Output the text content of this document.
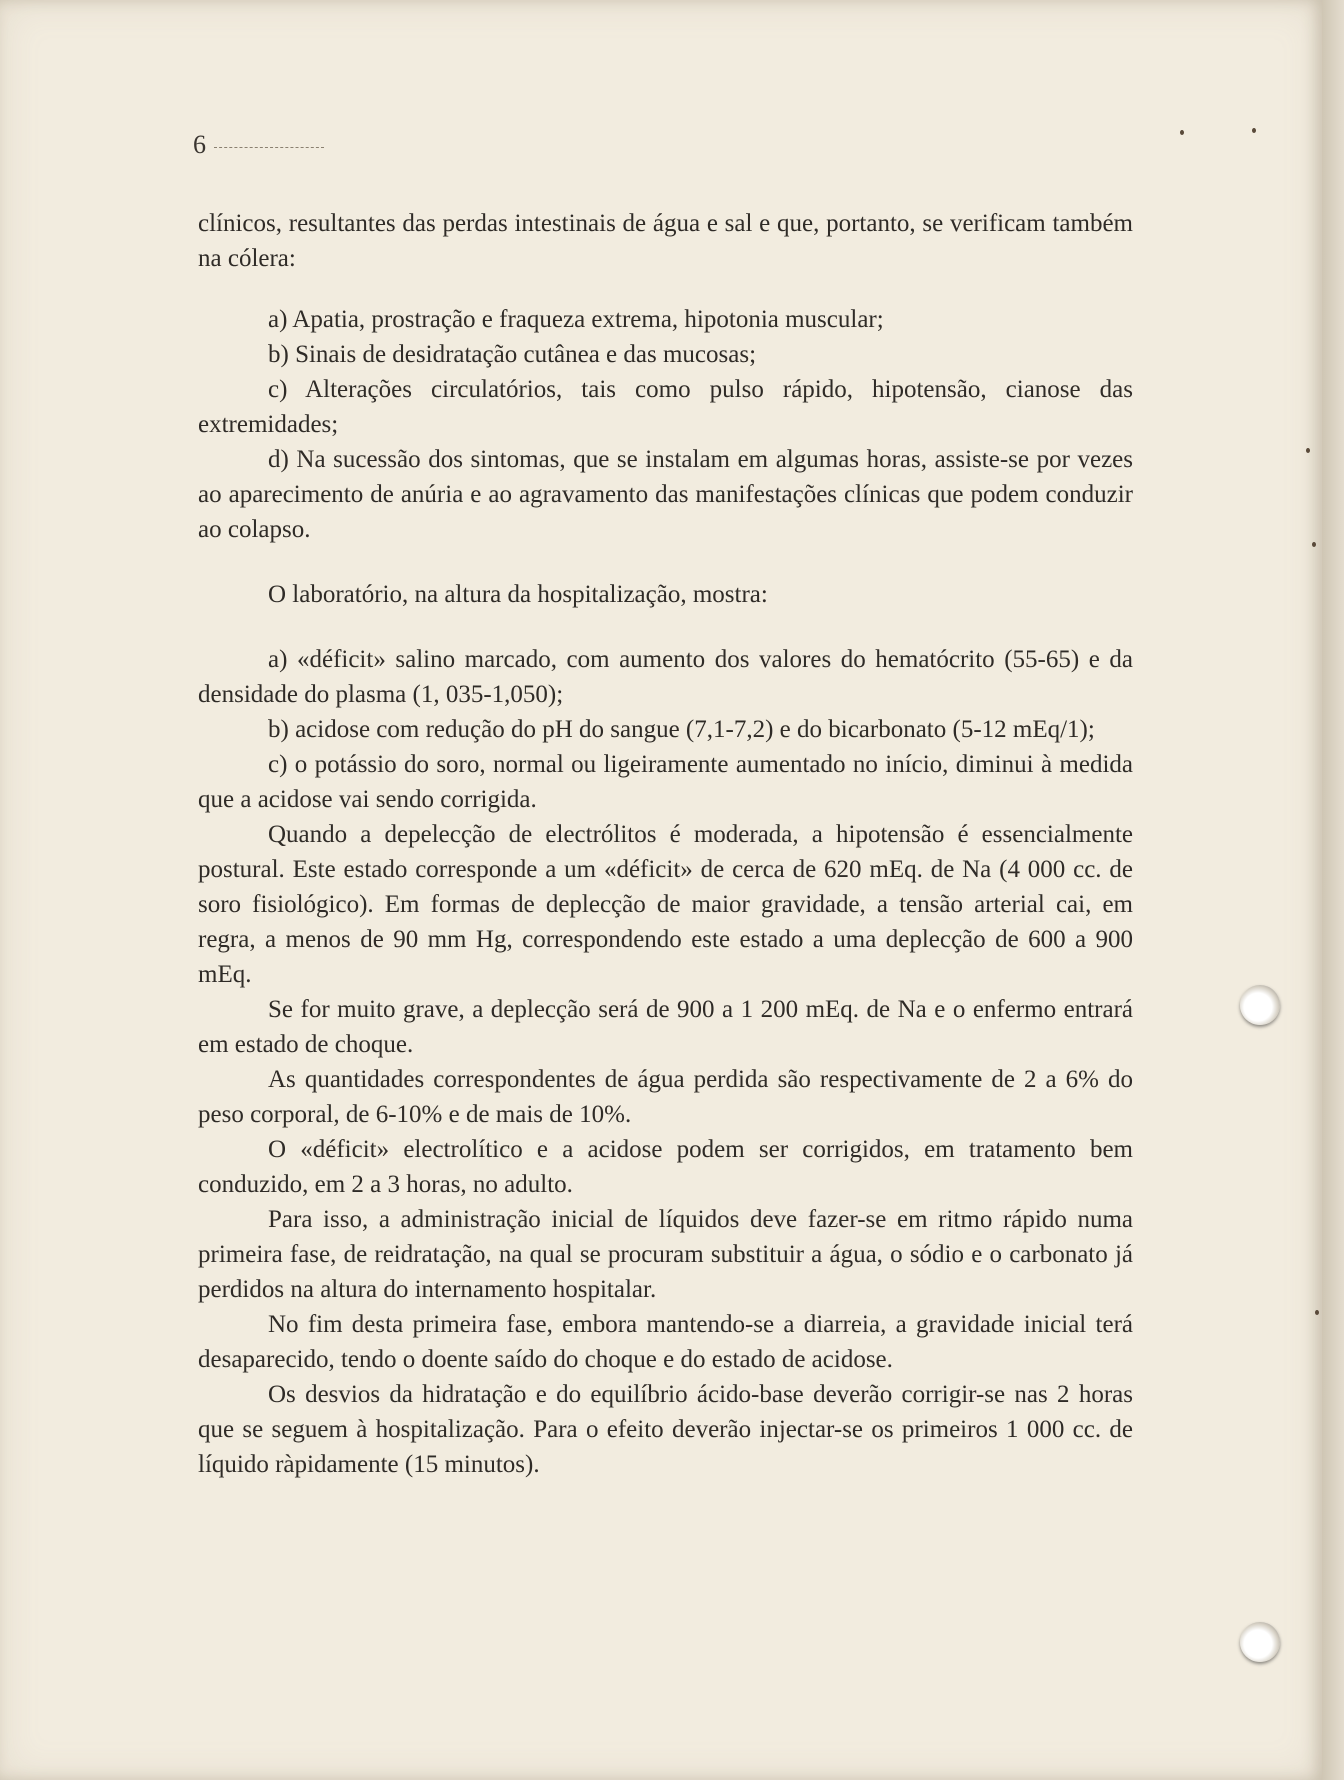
6

clínicos, resultantes das perdas intestinais de água e sal e que, portanto, se verificam também na cólera:

a) Apatia, prostração e fraqueza extrema, hipotonia muscular;

b) Sinais de desidratação cutânea e das mucosas;

c) Alterações circulatórios, tais como pulso rápido, hipotensão, cianose das extremidades;

d) Na sucessão dos sintomas, que se instalam em algumas horas, assiste-se por vezes ao aparecimento de anúria e ao agravamento das manifestações clínicas que podem conduzir ao colapso.

O laboratório, na altura da hospitalização, mostra:

a) «déficit» salino marcado, com aumento dos valores do hematócrito (55-65) e da densidade do plasma (1, 035-1,050);

b) acidose com redução do pH do sangue (7,1-7,2) e do bicarbonato (5-12 mEq/1);

c) o potássio do soro, normal ou ligeiramente aumentado no início, diminui à medida que a acidose vai sendo corrigida.

Quando a depelecção de electrólitos é moderada, a hipotensão é essencialmente postural. Este estado corresponde a um «déficit» de cerca de 620 mEq. de Na (4 000 cc. de soro fisiológico). Em formas de deplecção de maior gravidade, a tensão arterial cai, em regra, a menos de 90 mm Hg, correspondendo este estado a uma deplecção de 600 a 900 mEq.

Se for muito grave, a deplecção será de 900 a 1 200 mEq. de Na e o enfermo entrará em estado de choque.

As quantidades correspondentes de água perdida são respectivamente de 2 a 6% do peso corporal, de 6-10% e de mais de 10%.

O «déficit» electrolítico e a acidose podem ser corrigidos, em tratamento bem conduzido, em 2 a 3 horas, no adulto.

Para isso, a administração inicial de líquidos deve fazer-se em ritmo rápido numa primeira fase, de reidratação, na qual se procuram substituir a água, o sódio e o carbonato já perdidos na altura do internamento hospitalar.

No fim desta primeira fase, embora mantendo-se a diarreia, a gravidade inicial terá desaparecido, tendo o doente saído do choque e do estado de acidose.

Os desvios da hidratação e do equilíbrio ácido-base deverão corrigir-se nas 2 horas que se seguem à hospitalização. Para o efeito deverão injectar-se os primeiros 1 000 cc. de líquido ràpidamente (15 minutos).
